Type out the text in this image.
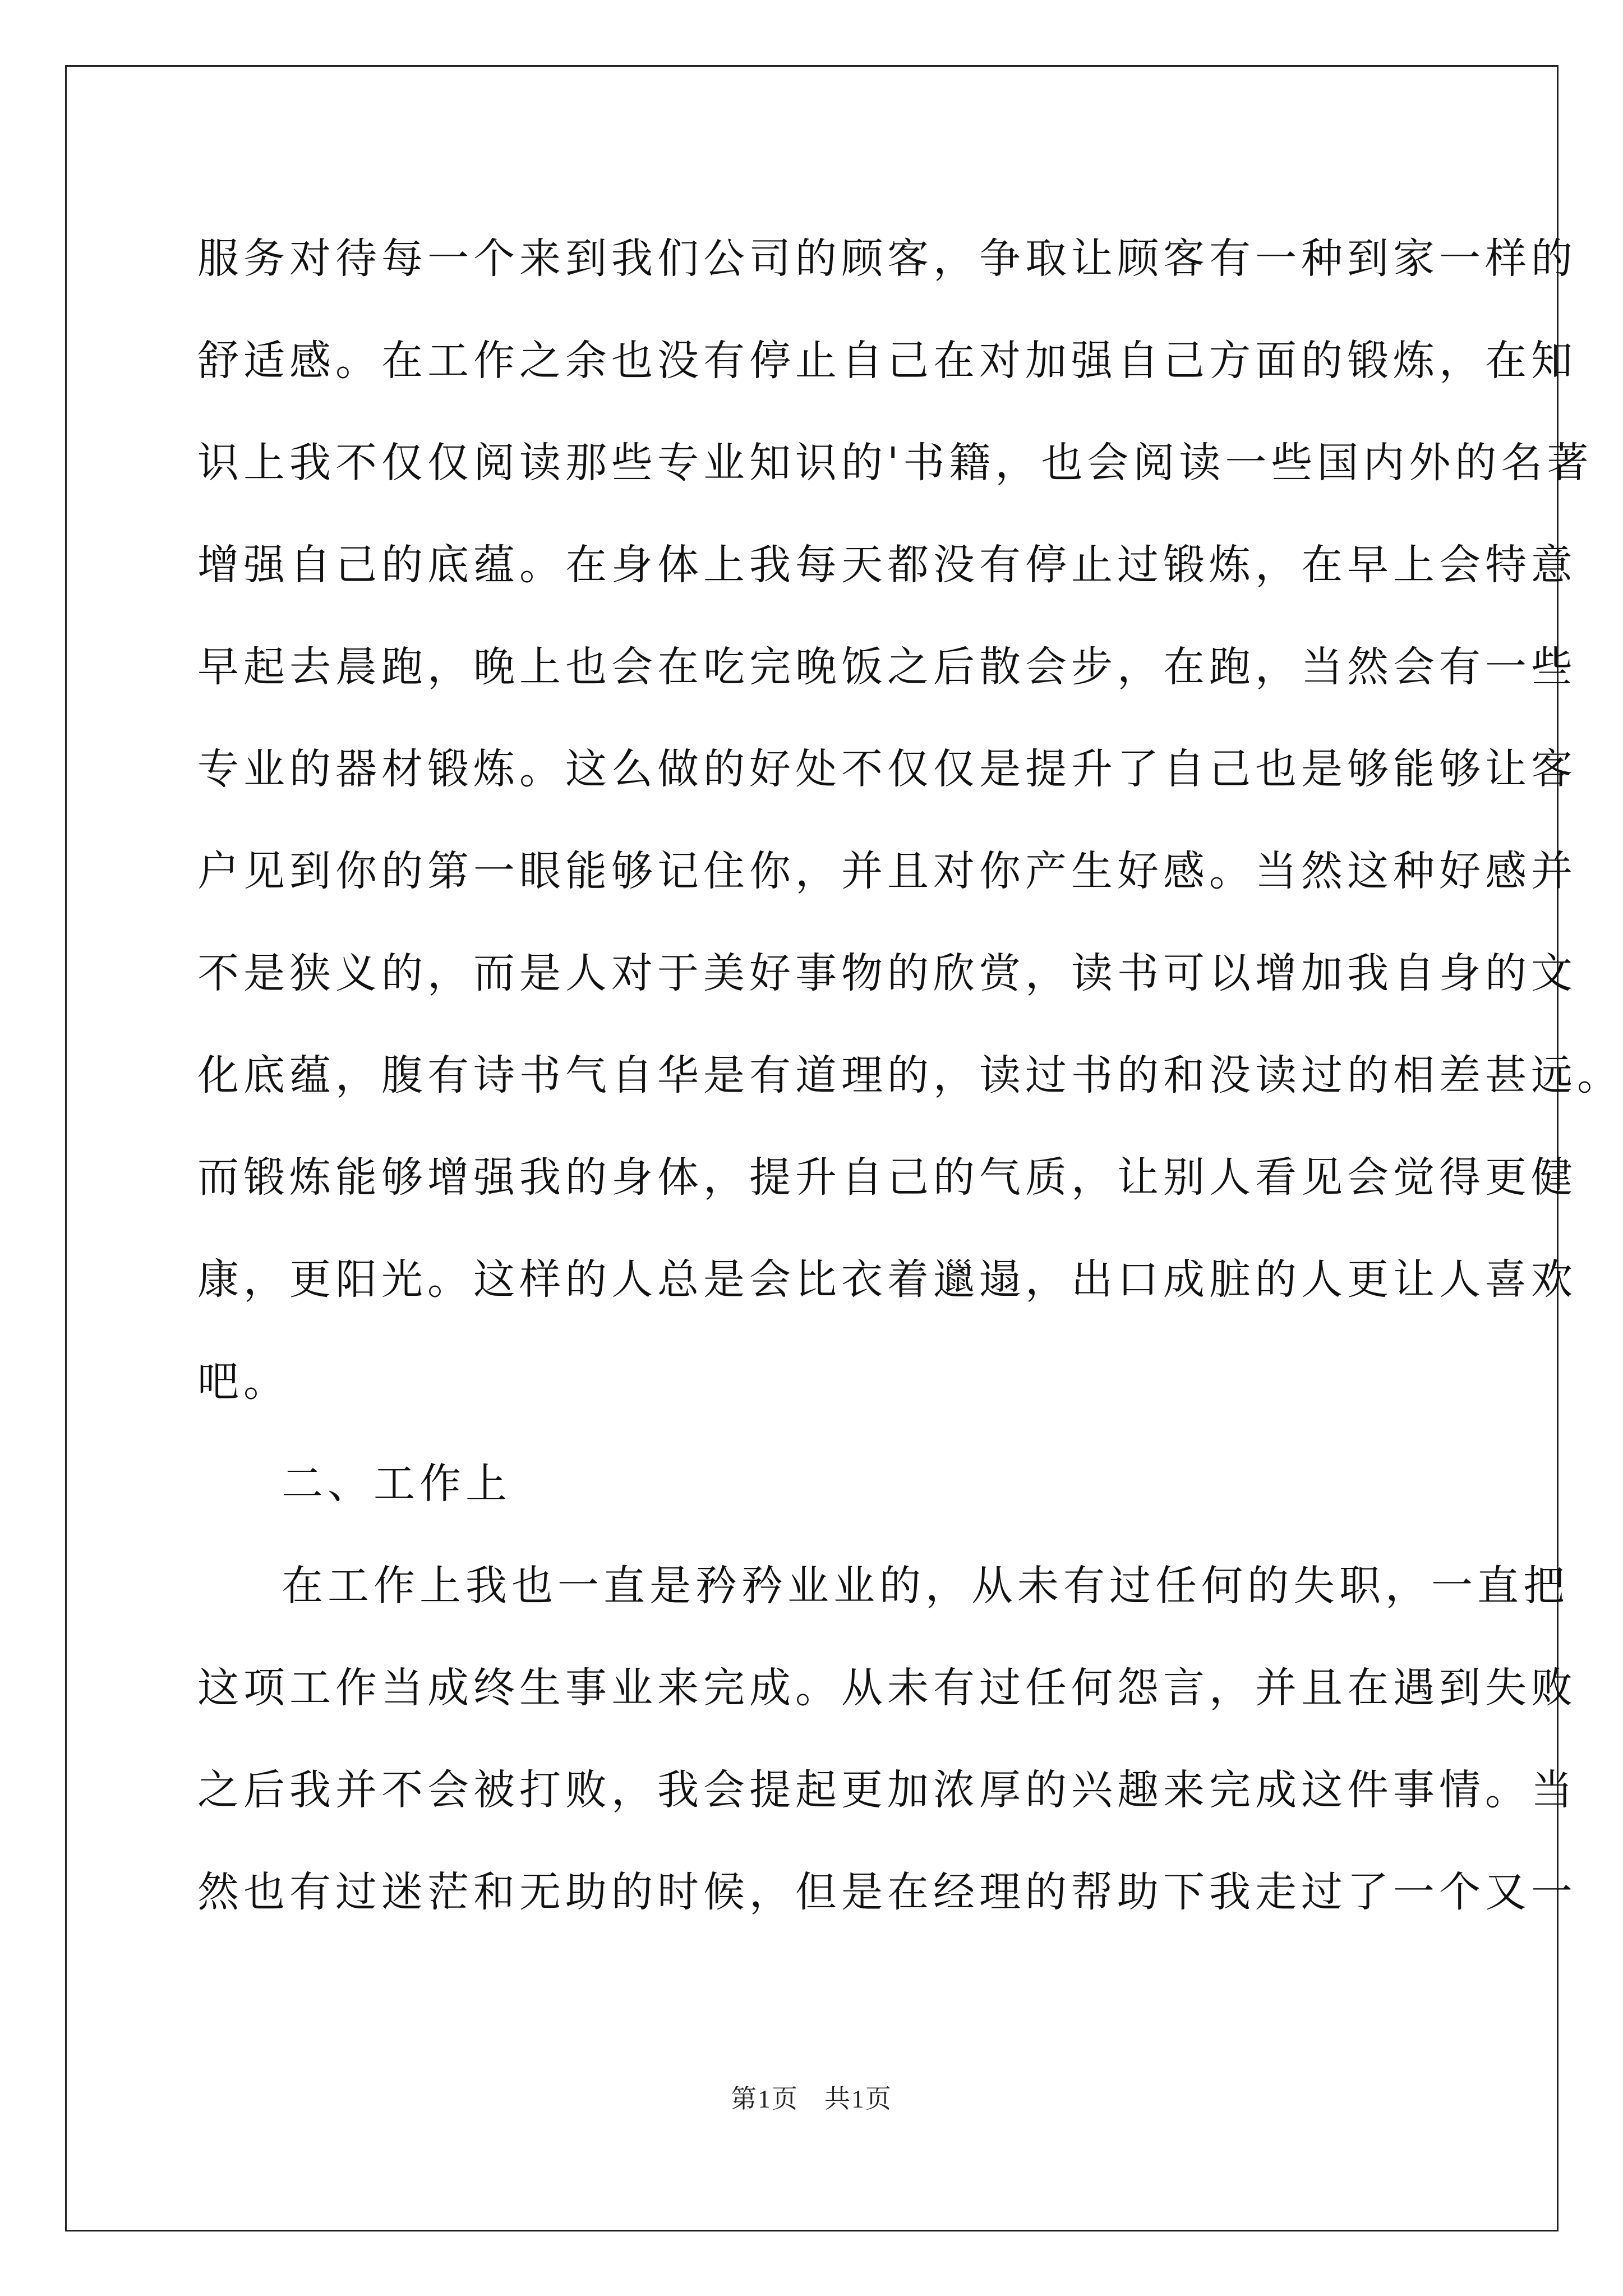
服务对待每一个来到我们公司的顾客，争取让顾客有一种到家一样的
舒适感。在工作之余也没有停止自己在对加强自己方面的锻炼，在知
识上我不仅仅阅读那些专业知识的'书籍，也会阅读一些国内外的名著
增强自己的底蕴。在身体上我每天都没有停止过锻炼，在早上会特意
早起去晨跑，晚上也会在吃完晚饭之后散会步，在跑，当然会有一些
专业的器材锻炼。这么做的好处不仅仅是提升了自己也是够能够让客
户见到你的第一眼能够记住你，并且对你产生好感。当然这种好感并
不是狭义的，而是人对于美好事物的欣赏，读书可以增加我自身的文
化底蕴，腹有诗书气自华是有道理的，读过书的和没读过的相差甚远。
而锻炼能够增强我的身体，提升自己的气质，让别人看见会觉得更健
康，更阳光。这样的人总是会比衣着邋遢，出口成脏的人更让人喜欢
吧。
二、工作上
在工作上我也一直是矜矜业业的，从未有过任何的失职，一直把
这项工作当成终生事业来完成。从未有过任何怨言，并且在遇到失败
之后我并不会被打败，我会提起更加浓厚的兴趣来完成这件事情。当
然也有过迷茫和无助的时候，但是在经理的帮助下我走过了一个又一
第1页 共1页
